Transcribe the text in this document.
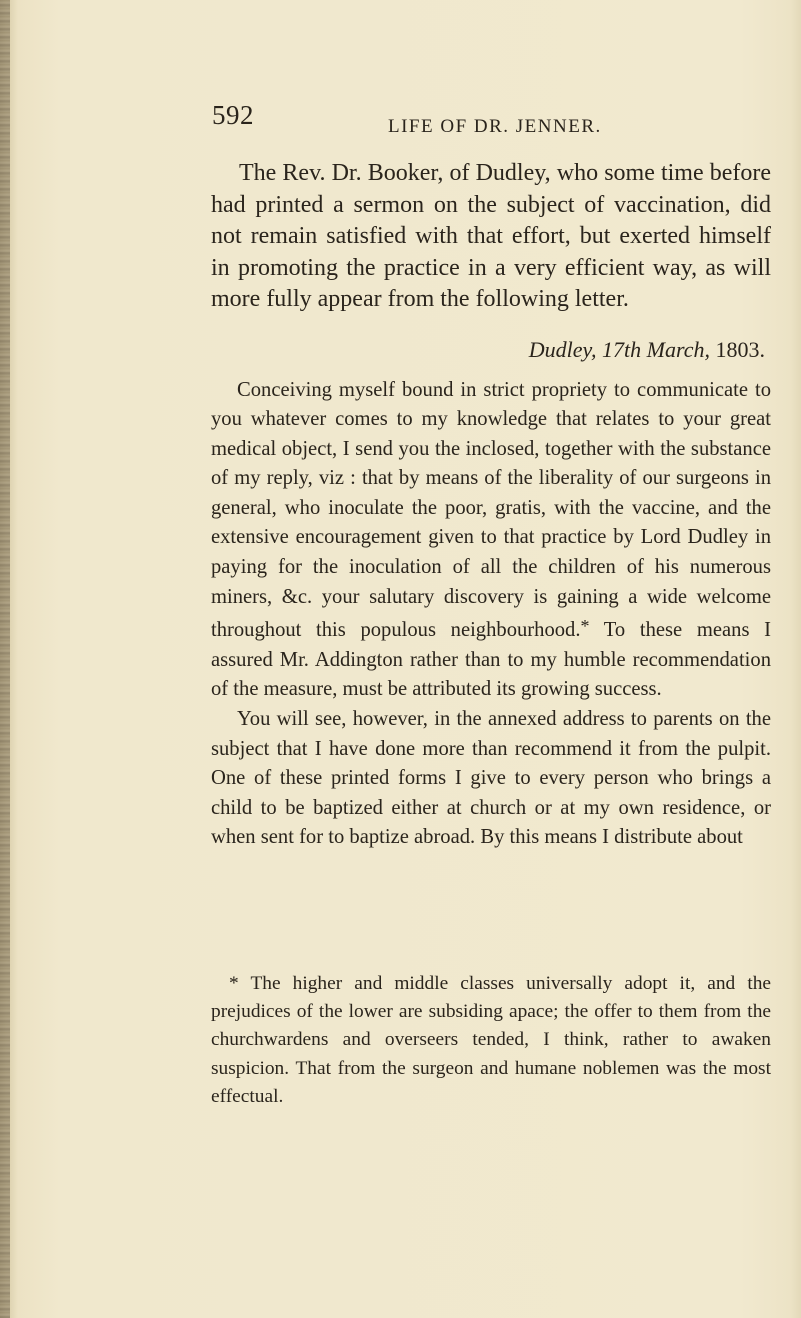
592	LIFE OF DR. JENNER.

The Rev. Dr. Booker, of Dudley, who some time before had printed a sermon on the subject of vaccination, did not remain satisfied with that effort, but exerted himself in promoting the practice in a very efficient way, as will more fully appear from the following letter.

Dudley, 17th March, 1803.

Conceiving myself bound in strict propriety to communicate to you whatever comes to my knowledge that relates to your great medical object, I send you the inclosed, together with the substance of my reply, viz : that by means of the liberality of our surgeons in general, who inoculate the poor, gratis, with the vaccine, and the extensive encouragement given to that practice by Lord Dudley in paying for the inoculation of all the children of his numerous miners, &c. your salutary discovery is gaining a wide welcome throughout this populous neighbourhood.* To these means I assured Mr. Addington rather than to my humble recommendation of the measure, must be attributed its growing success.

You will see, however, in the annexed address to parents on the subject that I have done more than recommend it from the pulpit. One of these printed forms I give to every person who brings a child to be baptized either at church or at my own residence, or when sent for to baptize abroad. By this means I distribute about

* The higher and middle classes universally adopt it, and the prejudices of the lower are subsiding apace; the offer to them from the churchwardens and overseers tended, I think, rather to awaken suspicion. That from the surgeon and humane noblemen was the most effectual.
